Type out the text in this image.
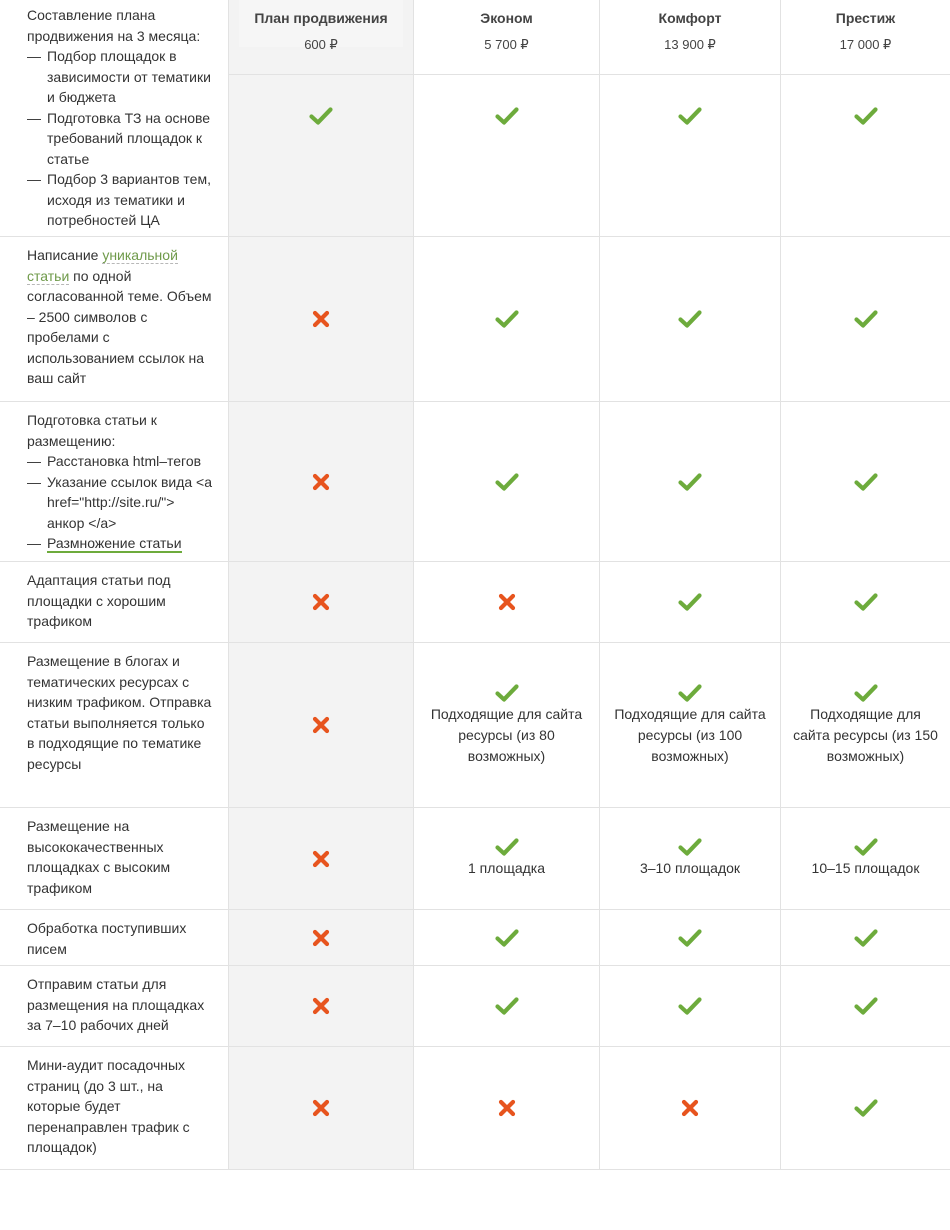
Составление плана продвижения на 3 месяца:
— Подбор площадок в зависимости от тематики и бюджета
— Подготовка ТЗ на основе требований площадок к статье
— Подбор 3 вариантов тем, исходя из тематики и потребностей ЦА
План продвижения
600 ₽
Эконом
5 700 ₽
Комфорт
13 900 ₽
Престиж
17 000 ₽
Написание уникальной статьи по одной согласованной теме. Объем – 2500 символов с пробелами с использованием ссылок на ваш сайт
Подготовка статьи к размещению:
— Расстановка html–тегов
— Указание ссылок вида <a href="http://site.ru/"> анкор </a>
— Размножение статьи
Адаптация статьи под площадки с хорошим трафиком
Размещение в блогах и тематических ресурсах с низким трафиком. Отправка статьи выполняется только в подходящие по тематике ресурсы
Подходящие для сайта ресурсы (из 80 возможных)
Подходящие для сайта ресурсы (из 100 возможных)
Подходящие для сайта ресурсы (из 150 возможных)
Размещение на высококачественных площадках с высоким трафиком
1 площадка	3–10 площадок	10–15 площадок
Обработка поступивших писем
Отправим статьи для размещения на площадках за 7–10 рабочих дней
Мини-аудит посадочных страниц (до 3 шт., на которые будет перенаправлен трафик с площадок)
